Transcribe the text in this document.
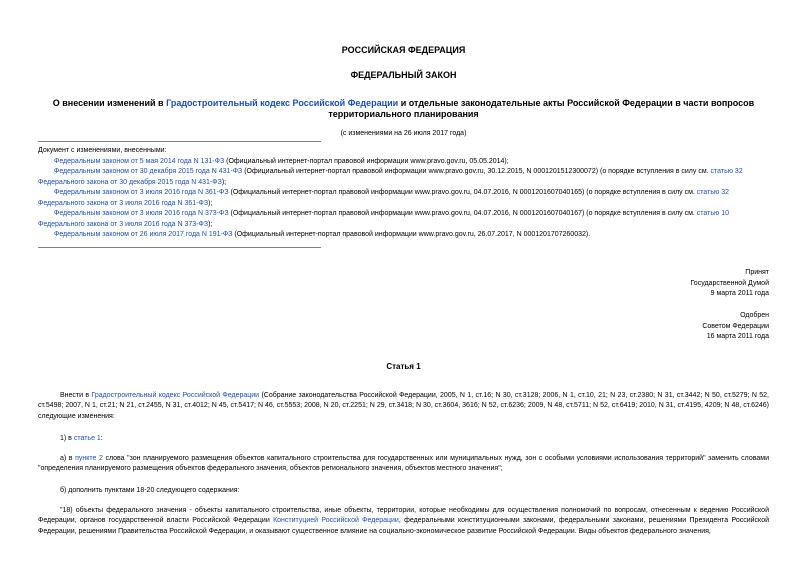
РОССИЙСКАЯ ФЕДЕРАЦИЯ
ФЕДЕРАЛЬНЫЙ ЗАКОН
О внесении изменений в Градостроительный кодекс Российской Федерации и отдельные законодательные акты Российской Федерации в части вопросов территориального планирования
(с изменениями на 26 июля 2017 года)

Документ с изменениями, внесенными:

Федеральным законом от 5 мая 2014 года N 131-ФЗ (Официальный интернет-портал правовой информации www.pravo.gov.ru, 05.05.2014);

Федеральным законом от 30 декабря 2015 года N 431-ФЗ (Официальный интернет-портал правовой информации www.pravo.gov.ru, 30.12.2015, N 0001201512300072) (о порядке вступления в силу см. статью 32 Федерального закона от 30 декабря 2015 года N 431-ФЗ);

Федеральным законом от 3 июля 2016 года N 361-ФЗ (Официальный интернет-портал правовой информации www.pravo.gov.ru, 04.07.2016, N 0001201607040165) (о порядке вступления в силу см. статью 32 Федерального закона от 3 июля 2016 года N 361-ФЗ);

Федеральным законом от 3 июля 2016 года N 373-ФЗ (Официальный интернет-портал правовой информации www.pravo.gov.ru, 04.07.2016, N 0001201607040167) (о порядке вступления в силу см. статью 10 Федерального закона от 3 июля 2016 года N 373-ФЗ);

Федеральным законом от 26 июля 2017 года N 191-ФЗ (Официальный интернет-портал правовой информации www.pravo.gov.ru, 26.07.2017, N 0001201707260032).

Принят
Государственной Думой
9 марта 2011 года
Одобрен
Советом Федерации
16 марта 2011 года
Статья 1

Внести в Градостроительный кодекс Российской Федерации (Собрание законодательства Российской Федерации, 2005, N 1, ст.16; N 30, ст.3128; 2006, N 1, ст.10, 21; N 23, ст.2380; N 31, ст.3442; N 50, ст.5279; N 52, ст.5498; 2007, N 1, ст.21; N 21, ст.2455, N 31, ст.4012; N 45, ст.5417; N 46, ст.5553; 2008, N 20, ст.2251; N 29, ст.3418; N 30, ст.3604, 3616; N 52, ст.6236; 2009, N 48, ст.5711; N 52, ст.6419; 2010, N 31, ст.4195, 4209; N 48, ст.6246) следующие изменения:

1) в статье 1:

а) в пункте 2 слова "зон планируемого размещения объектов капитального строительства для государственных или муниципальных нужд, зон с особыми условиями использования территорий" заменить словами "определения планируемого размещения объектов федерального значения, объектов регионального значения, объектов местного значения";

б) дополнить пунктами 18-20 следующего содержания:

"18) объекты федерального значения - объекты капитального строительства, иные объекты, территории, которые необходимы для осуществления полномочий по вопросам, отнесенным к ведению Российской Федерации, органов государственной власти Российской Федерации Конституцией Российской Федерации, федеральными конституционными законами, федеральными законами, решениями Президента Российской Федерации, решениями Правительства Российской Федерации, и оказывают существенное влияние на социально-экономическое развитие Российской Федерации. Виды объектов федерального значения,
